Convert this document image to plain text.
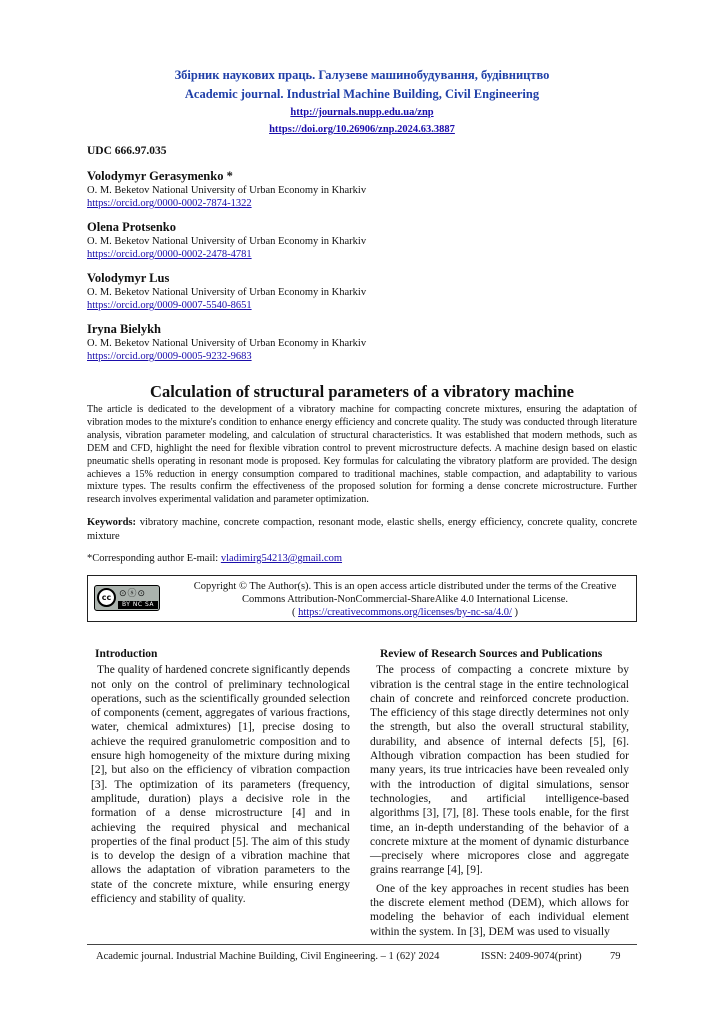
Збірник наукових праць. Галузеве машинобудування, будівництво
Academic journal. Industrial Machine Building, Civil Engineering
http://journals.nupp.edu.ua/znp
https://doi.org/10.26906/znp.2024.63.3887
UDC 666.97.035
Volodymyr Gerasymenko *
O. M. Beketov National University of Urban Economy in Kharkiv
https://orcid.org/0000-0002-7874-1322
Olena Protsenko
O. M. Beketov National University of Urban Economy in Kharkiv
https://orcid.org/0000-0002-2478-4781
Volodymyr Lus
O. M. Beketov National University of Urban Economy in Kharkiv
https://orcid.org/0009-0007-5540-8651
Iryna Bielykh
O. M. Beketov National University of Urban Economy in Kharkiv
https://orcid.org/0009-0005-9232-9683
Calculation of structural parameters of a vibratory machine

The article is dedicated to the development of a vibratory machine for compacting concrete mixtures, ensuring the adaptation of vibration modes to the mixture's condition to enhance energy efficiency and concrete quality. The study was conducted through literature analysis, vibration parameter modeling, and calculation of structural characteristics. It was established that modern methods, such as DEM and CFD, highlight the need for flexible vibration control to prevent microstructure defects. A machine design based on elastic pneumatic shells operating in resonant mode is proposed. Key formulas for calculating the vibratory platform are provided. The design achieves a 15% reduction in energy consumption compared to traditional machines, stable compaction, and adaptability to various mixture types. The results confirm the effectiveness of the proposed solution for forming a dense concrete microstructure. Further research involves experimental validation and parameter optimization.

Keywords: vibratory machine, concrete compaction, resonant mode, elastic shells, energy efficiency, concrete quality, concrete mixture

*Corresponding author E-mail: vladimirg54213@gmail.com
cc ⊙ⓢ⊙
BY NC SA
Copyright © The Author(s). This is an open access article distributed under the terms of the Creative
Commons Attribution-NonCommercial-ShareAlike 4.0 International License.
( https://creativecommons.org/licenses/by-nc-sa/4.0/ )
Introduction

The quality of hardened concrete significantly depends not only on the control of preliminary technological operations, such as the scientifically grounded selection of components (cement, aggregates of various fractions, water, chemical admixtures) [1], precise dosing to achieve the required granulometric composition and to ensure high homogeneity of the mixture during mixing [2], but also on the efficiency of vibration compaction [3]. The optimization of its parameters (frequency, amplitude, duration) plays a decisive role in the formation of a dense microstructure [4] and in achieving the required physical and mechanical properties of the final product [5]. The aim of this study is to develop the design of a vibration machine that allows the adaptation of vibration parameters to the state of the concrete mixture, while ensuring energy efficiency and stability of quality.

Review of Research Sources and Publications

The process of compacting a concrete mixture by vibration is the central stage in the entire technological chain of concrete and reinforced concrete production. The efficiency of this stage directly determines not only the strength, but also the overall structural stability, durability, and absence of internal defects [5], [6]. Although vibration compaction has been studied for many years, its true intricacies have been revealed only with the introduction of digital simulations, sensor technologies, and artificial intelligence-based algorithms [3], [7], [8]. These tools enable, for the first time, an in-depth understanding of the behavior of a concrete mixture at the moment of dynamic disturbance—precisely where micropores close and aggregate grains rearrange [4], [9].

One of the key approaches in recent studies has been the discrete element method (DEM), which allows for modeling the behavior of each individual element within the system. In [3], DEM was used to visually

Academic journal. Industrial Machine Building, Civil Engineering. – 1 (62)' 2024	ISSN: 2409-9074(print)	79
